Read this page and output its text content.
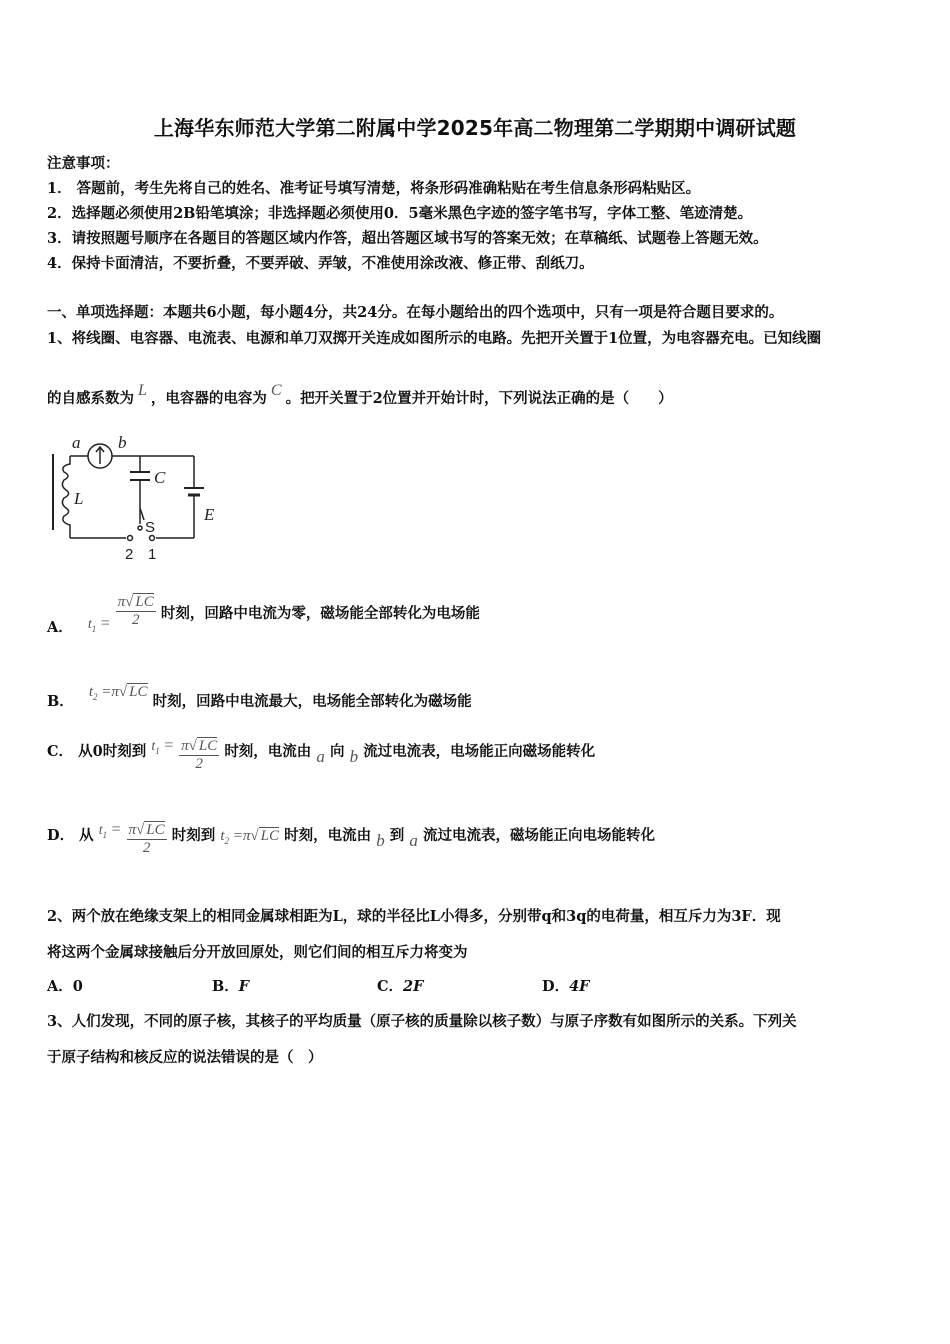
上海华东师范大学第二附属中学2025年高二物理第二学期期中调研试题
注意事项：
1． 答题前，考生先将自己的姓名、准考证号填写清楚，将条形码准确粘贴在考生信息条形码粘贴区。
2．选择题必须使用2B铅笔填涂；非选择题必须使用0．5毫米黑色字迹的签字笔书写，字体工整、笔迹清楚。
3．请按照题号顺序在各题目的答题区域内作答，超出答题区域书写的答案无效；在草稿纸、试题卷上答题无效。
4．保持卡面清洁，不要折叠，不要弄破、弄皱，不准使用涂改液、修正带、刮纸刀。
一、单项选择题：本题共6小题，每小题4分，共24分。在每小题给出的四个选项中，只有一项是符合题目要求的。
1、将线圈、电容器、电流表、电源和单刀双掷开关连成如图所示的电路。先把开关置于1位置，为电容器充电。已知线圈
的自感系数为 L ，电容器的电容为 C 。把开关置于2位置并开始计时，下列说法正确的是（　　）
a b
C
L
E
S
2 1
A． $t_1 = \frac{\pi√ LC}{2}$ 时刻，回路中电流为零，磁场能全部转化为电场能
B． $t_2 =\pi√$ LC 时刻，回路中电流最大，电场能全部转化为磁场能
C． 从0时刻到 $t_1 = \frac{\pi√ LC}{2}$ 时刻，电流由 a 向 b 流过电流表，电场能正向磁场能转化
D． 从 $t_1 = \frac{\pi√ LC}{2}$ 时刻到 $t_2 =\pi√$ LC 时刻，电流由 b 到 a 流过电流表，磁场能正向电场能转化
2、两个放在绝缘支架上的相同金属球相距为L，球的半径比L小得多，分别带q和3q的电荷量，相互斥力为3F．现
将这两个金属球接触后分开放回原处，则它们间的相互斥力将变为
A．0	B．F	C．2F	D．4F
3、人们发现，不同的原子核，其核子的平均质量（原子核的质量除以核子数）与原子序数有如图所示的关系。下列关
于原子结构和核反应的说法错误的是（　）
